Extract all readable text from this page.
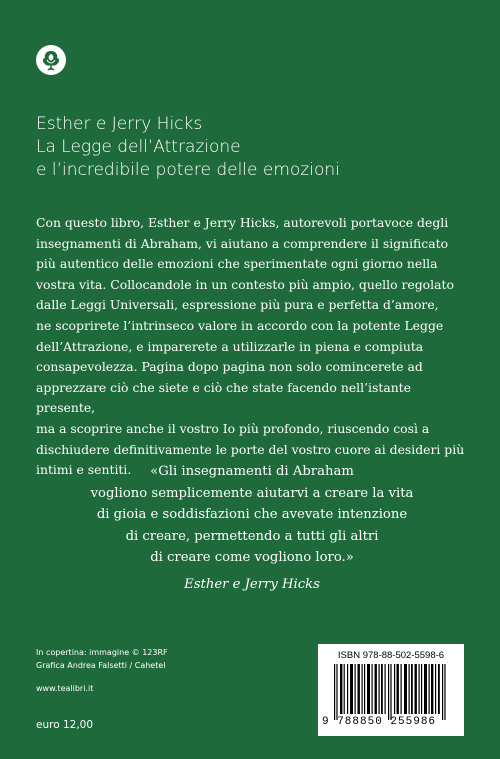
Esther e Jerry Hicks
La Legge dell’Attrazione
e l’incredibile potere delle emozioni
Con questo libro, Esther e Jerry Hicks, autorevoli portavoce degli
insegnamenti di Abraham, vi aiutano a comprendere il significato
più autentico delle emozioni che sperimentate ogni giorno nella
vostra vita. Collocandole in un contesto più ampio, quello regolato
dalle Leggi Universali, espressione più pura e perfetta d’amore,
ne scoprirete l’intrinseco valore in accordo con la potente Legge
dell’Attrazione, e imparerete a utilizzarle in piena e compiuta
consapevolezza. Pagina dopo pagina non solo comincerete ad
apprezzare ciò che siete e ciò che state facendo nell’istante presente,
ma a scoprire anche il vostro Io più profondo, riuscendo così a
dischiudere definitivamente le porte del vostro cuore ai desideri più
intimi e sentiti.	«Gli insegnamenti di Abraham
vogliono semplicemente aiutarvi a creare la vita
di gioia e soddisfazioni che avevate intenzione
di creare, permettendo a tutti gli altri
di creare come vogliono loro.»
Esther e Jerry Hicks
In copertina: immagine © 123RF
Grafica Andrea Falsetti / Cahetel
www.tealibri.it
euro 12,00
ISBN 978-88-502-5598-6
9 788850 255986
